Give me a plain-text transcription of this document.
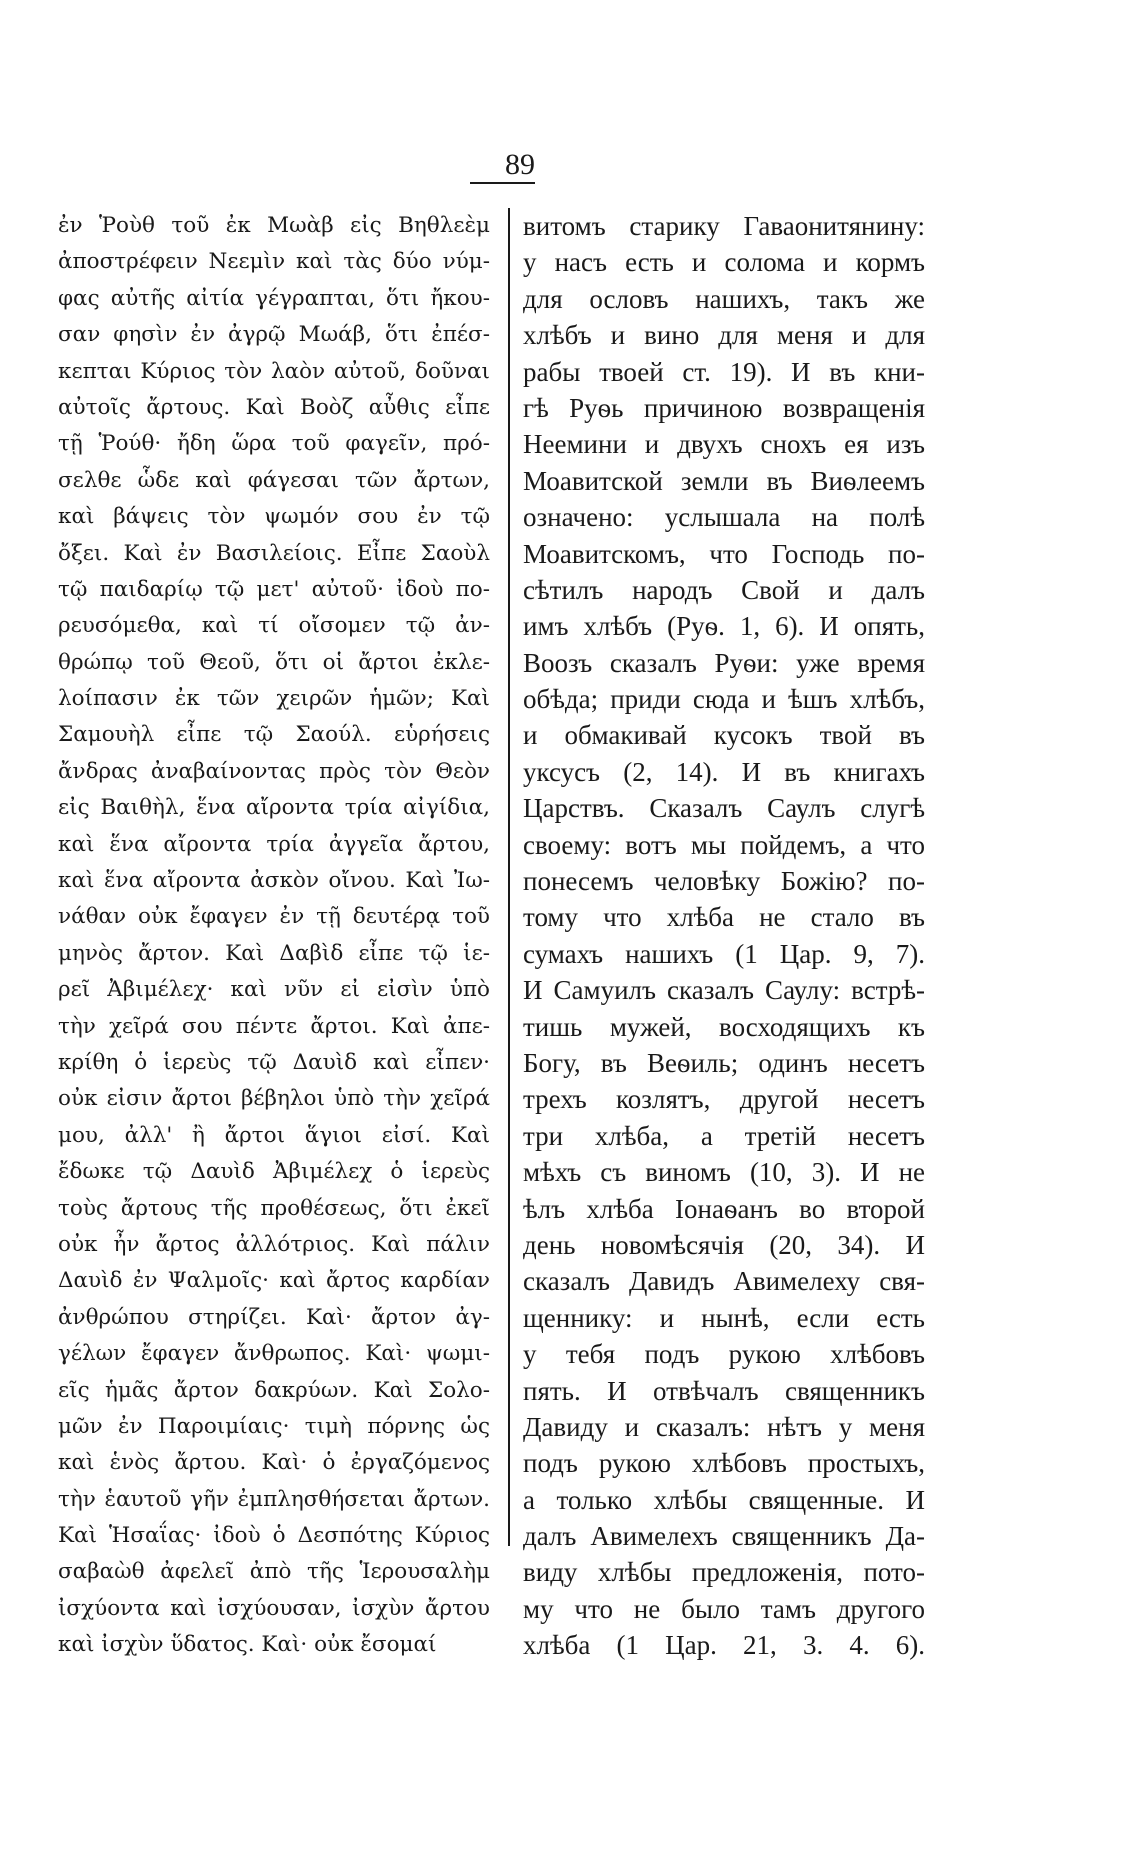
89
ἐν Ῥοὺθ τοῦ ἐκ Μωὰβ εἰς Βηθλεὲμ
ἀποστρέφειν Νεεμὶν καὶ τὰς δύο νύμ-
φας αὐτῆς αἰτία γέγραπται, ὅτι ἤκου-
σαν φησὶν ἐν ἀγρῷ Μωάβ, ὅτι ἐπέσ-
κεπται Κύριος τὸν λαὸν αὐτοῦ, δοῦναι
αὐτοῖς ἄρτους. Καὶ Βοὸζ αὖθις εἶπε
τῇ Ῥούθ· ἤδη ὥρα τοῦ φαγεῖν, πρό-
σελθε ὧδε καὶ φάγεσαι τῶν ἄρτων,
καὶ βάψεις τὸν ψωμόν σου ἐν τῷ
ὄξει. Καὶ ἐν Βασιλείοις. Εἶπε Σαοὺλ
τῷ παιδαρίῳ τῷ μετ' αὐτοῦ· ἰδοὺ πο-
ρευσόμεθα, καὶ τί οἴσομεν τῷ ἀν-
θρώπῳ τοῦ Θεοῦ, ὅτι οἱ ἄρτοι ἐκλε-
λοίπασιν ἐκ τῶν χειρῶν ἡμῶν; Καὶ
Σαμουὴλ εἶπε τῷ Σαούλ. εὑρήσεις
ἄνδρας ἀναβαίνοντας πρὸς τὸν Θεὸν
εἰς Βαιθὴλ, ἕνα αἴροντα τρία αἰγίδια,
καὶ ἕνα αἴροντα τρία ἀγγεῖα ἄρτου,
καὶ ἕνα αἴροντα ἀσκὸν οἴνου. Καὶ Ἰω-
νάθαν οὐκ ἔφαγεν ἐν τῇ δευτέρᾳ τοῦ
μηνὸς ἄρτον. Καὶ Δαβὶδ εἶπε τῷ ἱε-
ρεῖ Ἀβιμέλεχ· καὶ νῦν εἰ εἰσὶν ὑπὸ
τὴν χεῖρά σου πέντε ἄρτοι. Καὶ ἀπε-
κρίθη ὁ ἱερεὺς τῷ Δαυὶδ καὶ εἶπεν·
οὐκ εἰσιν ἄρτοι βέβηλοι ὑπὸ τὴν χεῖρά
μου, ἀλλ' ἢ ἄρτοι ἅγιοι εἰσί. Καὶ
ἔδωκε τῷ Δαυὶδ Ἀβιμέλεχ ὁ ἱερεὺς
τοὺς ἄρτους τῆς προθέσεως, ὅτι ἐκεῖ
οὐκ ἦν ἄρτος ἀλλότριος. Καὶ πάλιν
Δαυὶδ ἐν Ψαλμοῖς· καὶ ἄρτος καρδίαν
ἀνθρώπου στηρίζει. Καὶ· ἄρτον ἀγ-
γέλων ἔφαγεν ἄνθρωπος. Καὶ· ψωμι-
εῖς ἡμᾶς ἄρτον δακρύων. Καὶ Σολο-
μῶν ἐν Παροιμίαις· τιμὴ πόρνης ὡς
καὶ ἑνὸς ἄρτου. Καὶ· ὁ ἐργαζόμενος
τὴν ἑαυτοῦ γῆν ἐμπλησθήσεται ἄρτων.
Καὶ Ἡσαΐας· ἰδοὺ ὁ Δεσπότης Κύριος
σαβαὼθ ἀφελεῖ ἀπὸ τῆς Ἱερουσαλὴμ
ἰσχύοντα καὶ ἰσχύουσαν, ἰσχὺν ἄρτου
καὶ ἰσχὺν ὕδατος. Καὶ· οὐκ ἔσομαί
витомъ старику Гаваонитянину:
у насъ есть и солома и кормъ
для ословъ нашихъ, такъ же
хлѣбъ и вино для меня и для
рабы твоей ст. 19). И въ кни-
гѣ Руѳь причиною возвращенія
Неемини и двухъ снохъ ея изъ
Моавитской земли въ Виѳлеемъ
означено: услышала на полѣ
Моавитскомъ, что Господь по-
сѣтилъ народъ Свой и далъ
имъ хлѣбъ (Руѳ. 1, 6). И опять,
Воозъ сказалъ Руѳи: уже время
обѣда; приди сюда и ѣшъ хлѣбъ,
и обмакивай кусокъ твой въ
уксусъ (2, 14). И въ книгахъ
Царствъ. Сказалъ Саулъ слугѣ
своему: вотъ мы пойдемъ, а что
понесемъ человѣку Божію? по-
тому что хлѣба не стало въ
сумахъ нашихъ (1 Цар. 9, 7).
И Самуилъ сказалъ Саулу: встрѣ-
тишь мужей, восходящихъ къ
Богу, въ Веѳиль; одинъ несетъ
трехъ козлятъ, другой несетъ
три хлѣба, а третій несетъ
мѣхъ съ виномъ (10, 3). И не
ѣлъ хлѣба Іонаѳанъ во второй
день новомѣсячія (20, 34). И
сказалъ Давидъ Авимелеху свя-
щеннику: и нынѣ, если есть
у тебя подъ рукою хлѣбовъ
пять. И отвѣчалъ священникъ
Давиду и сказалъ: нѣтъ у меня
подъ рукою хлѣбовъ простыхъ,
а только хлѣбы священные. И
далъ Авимелехъ священникъ Да-
виду хлѣбы предложенія, пото-
му что не было тамъ другого
хлѣба (1 Цар. 21, 3. 4. 6).
